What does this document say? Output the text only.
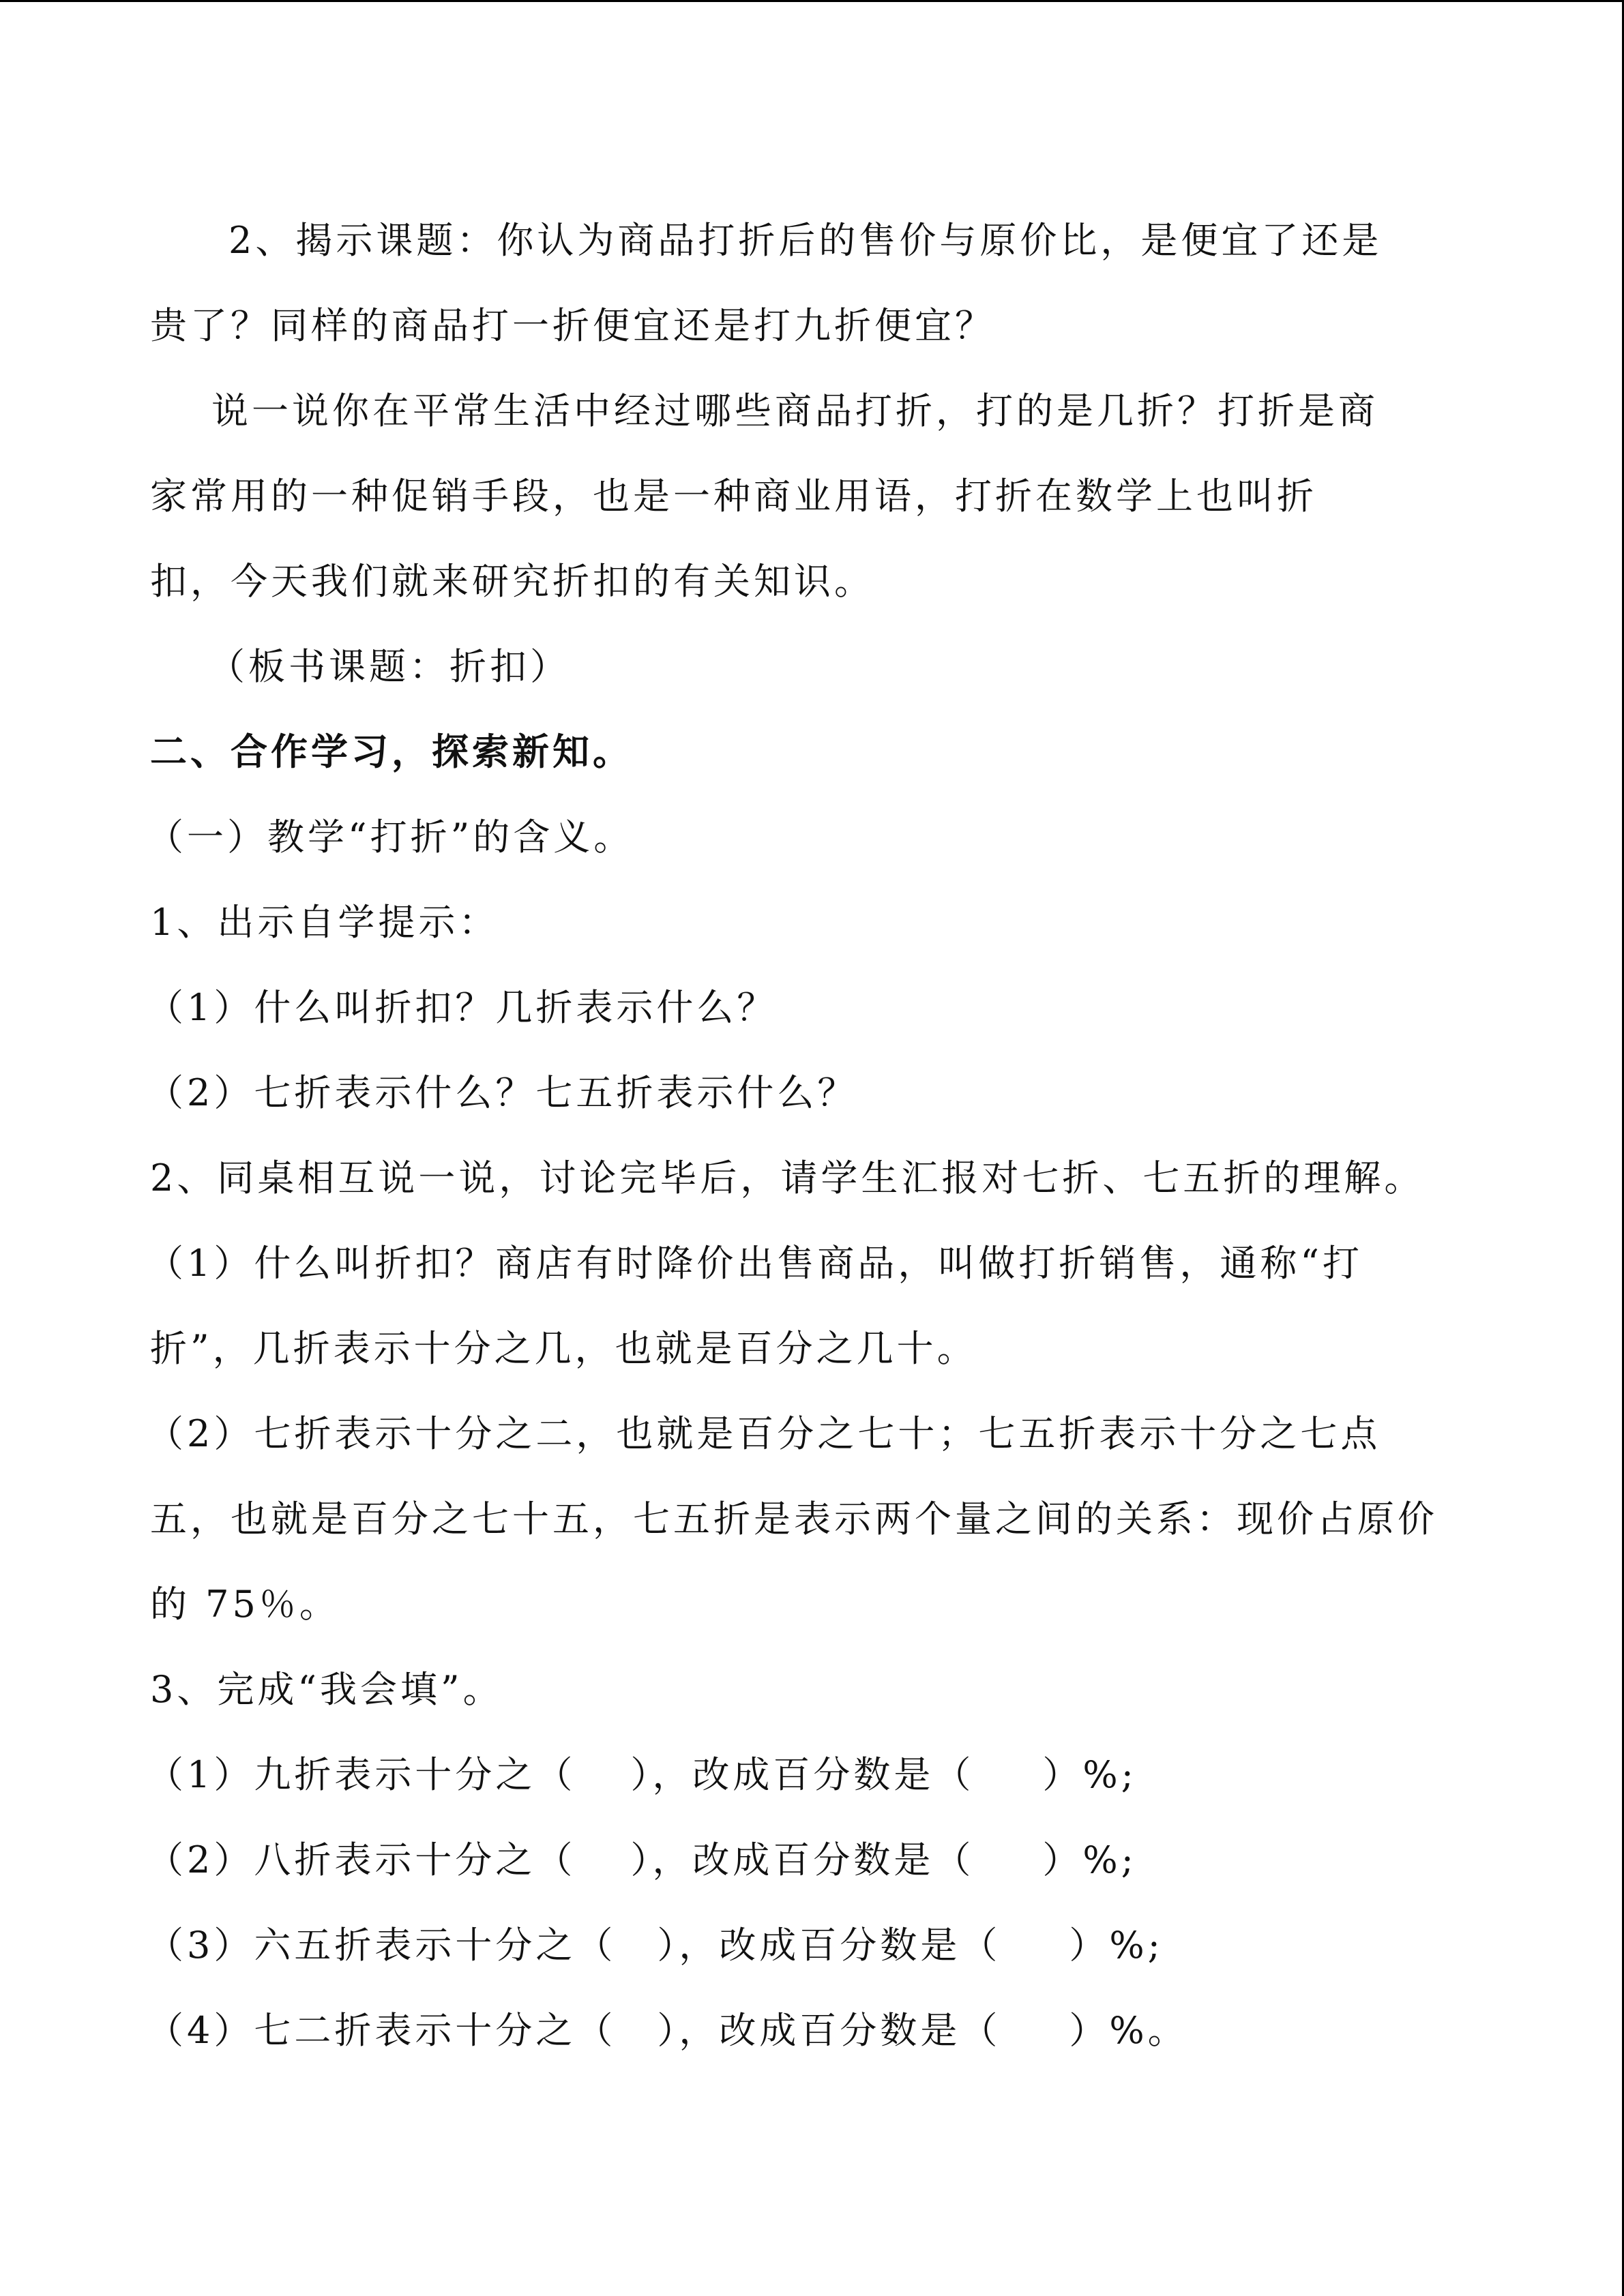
2、揭示课题：你认为商品打折后的售价与原价比，是便宜了还是
贵了？同样的商品打一折便宜还是打九折便宜？
说一说你在平常生活中经过哪些商品打折，打的是几折？打折是商
家常用的一种促销手段，也是一种商业用语，打折在数学上也叫折
扣，今天我们就来研究折扣的有关知识。
（板书课题：折扣）
二、合作学习，探索新知。
（一）教学“打折”的含义。
1、出示自学提示：
（1）什么叫折扣？几折表示什么？
（2）七折表示什么？七五折表示什么？
2、同桌相互说一说，讨论完毕后，请学生汇报对七折、七五折的理解。
（1）什么叫折扣？商店有时降价出售商品，叫做打折销售，通称“打
折”，几折表示十分之几，也就是百分之几十。
（2）七折表示十分之二，也就是百分之七十；七五折表示十分之七点
五，也就是百分之七十五，七五折是表示两个量之间的关系：现价占原价
的 75％。
3、完成“我会填”。
（1）九折表示十分之（ ），改成百分数是（ ）%;
（2）八折表示十分之（ ），改成百分数是（ ）%;
（3）六五折表示十分之（ ），改成百分数是（ ）%;
（4）七二折表示十分之（ ），改成百分数是（ ）%。
